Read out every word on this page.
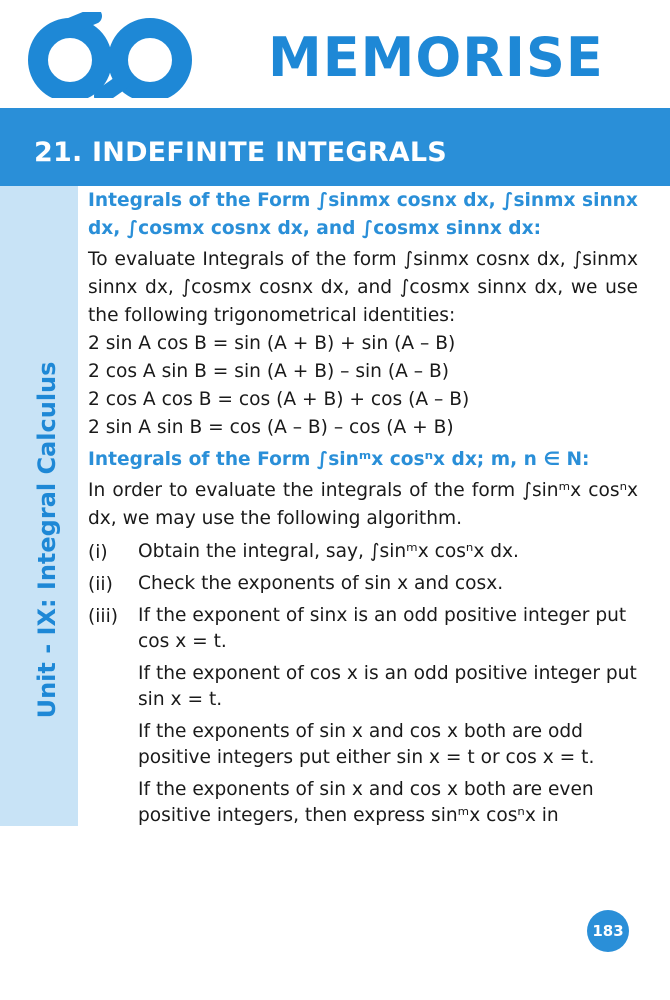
MEMORISE
21. INDEFINITE INTEGRALS
Unit - IX: Integral Calculus

Integrals of the Form ∫sinmx cosnx dx, ∫sinmx sinnx dx, ∫cosmx cosnx dx, and ∫cosmx sinnx dx:

To evaluate Integrals of the form ∫sinmx cosnx dx, ∫sinmx sinnx dx, ∫cosmx cosnx dx, and ∫cosmx sinnx dx, we use the following trigonometrical identities:

2 sin A cos B = sin (A + B) + sin (A – B)

2 cos A sin B = sin (A + B) – sin (A – B)

2 cos A cos B = cos (A + B) + cos (A – B)

2 sin A sin B = cos (A – B) – cos (A + B)

Integrals of the Form ∫sinᵐx cosⁿx dx; m, n ∈ N:

In order to evaluate the integrals of the form ∫sinᵐx cosⁿx dx, we may use the following algorithm.

(i)	Obtain the integral, say, ∫sinᵐx cosⁿx dx.
(ii)	Check the exponents of sin x and cosx.
(iii)	If the exponent of sinx is an odd positive integer put cos x = t.
If the exponent of cos x is an odd positive integer put sin x = t.
If the exponents of sin x and cos x both are odd positive integers put either sin x = t or cos x = t.
If the exponents of sin x and cos x both are even positive integers, then express sinᵐx cosⁿx in
183
